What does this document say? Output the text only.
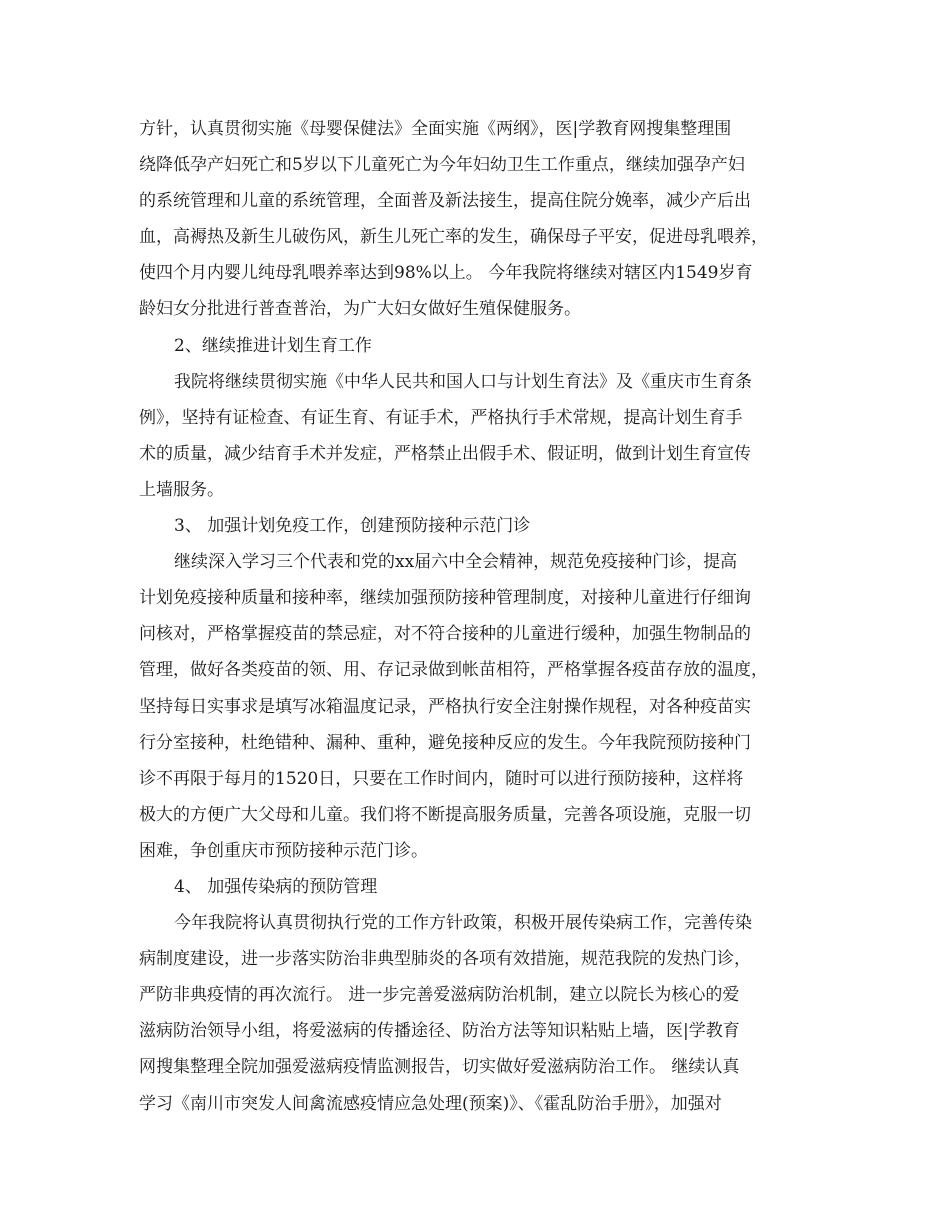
方针，认真贯彻实施《母婴保健法》全面实施《两纲》，医|学教育网搜集整理围
绕降低孕产妇死亡和5岁以下儿童死亡为今年妇幼卫生工作重点，继续加强孕产妇
的系统管理和儿童的系统管理，全面普及新法接生，提高住院分娩率，减少产后出
血，高褥热及新生儿破伤风，新生儿死亡率的发生，确保母子平安，促进母乳喂养，
使四个月内婴儿纯母乳喂养率达到98%以上。 今年我院将继续对辖区内1549岁育
龄妇女分批进行普查普治，为广大妇女做好生殖保健服务。
2、继续推进计划生育工作
我院将继续贯彻实施《中华人民共和国人口与计划生育法》及《重庆市生育条
例》，坚持有证检查、有证生育、有证手术，严格执行手术常规，提高计划生育手
术的质量，减少结育手术并发症，严格禁止出假手术、假证明，做到计划生育宣传
上墙服务。
3、 加强计划免疫工作，创建预防接种示范门诊
继续深入学习三个代表和党的xx届六中全会精神，规范免疫接种门诊，提高
计划免疫接种质量和接种率，继续加强预防接种管理制度，对接种儿童进行仔细询
问核对，严格掌握疫苗的禁忌症，对不符合接种的儿童进行缓种，加强生物制品的
管理，做好各类疫苗的领、用、存记录做到帐苗相符，严格掌握各疫苗存放的温度，
坚持每日实事求是填写冰箱温度记录，严格执行安全注射操作规程，对各种疫苗实
行分室接种，杜绝错种、漏种、重种，避免接种反应的发生。今年我院预防接种门
诊不再限于每月的1520日，只要在工作时间内，随时可以进行预防接种，这样将
极大的方便广大父母和儿童。我们将不断提高服务质量，完善各项设施，克服一切
困难，争创重庆市预防接种示范门诊。
4、 加强传染病的预防管理
今年我院将认真贯彻执行党的工作方针政策，积极开展传染病工作，完善传染
病制度建设，进一步落实防治非典型肺炎的各项有效措施，规范我院的发热门诊，
严防非典疫情的再次流行。 进一步完善爱滋病防治机制，建立以院长为核心的爱
滋病防治领导小组，将爱滋病的传播途径、防治方法等知识粘贴上墙，医|学教育
网搜集整理全院加强爱滋病疫情监测报告，切实做好爱滋病防治工作。 继续认真
学习《南川市突发人间禽流感疫情应急处理(预案)》、《霍乱防治手册》，加强对
